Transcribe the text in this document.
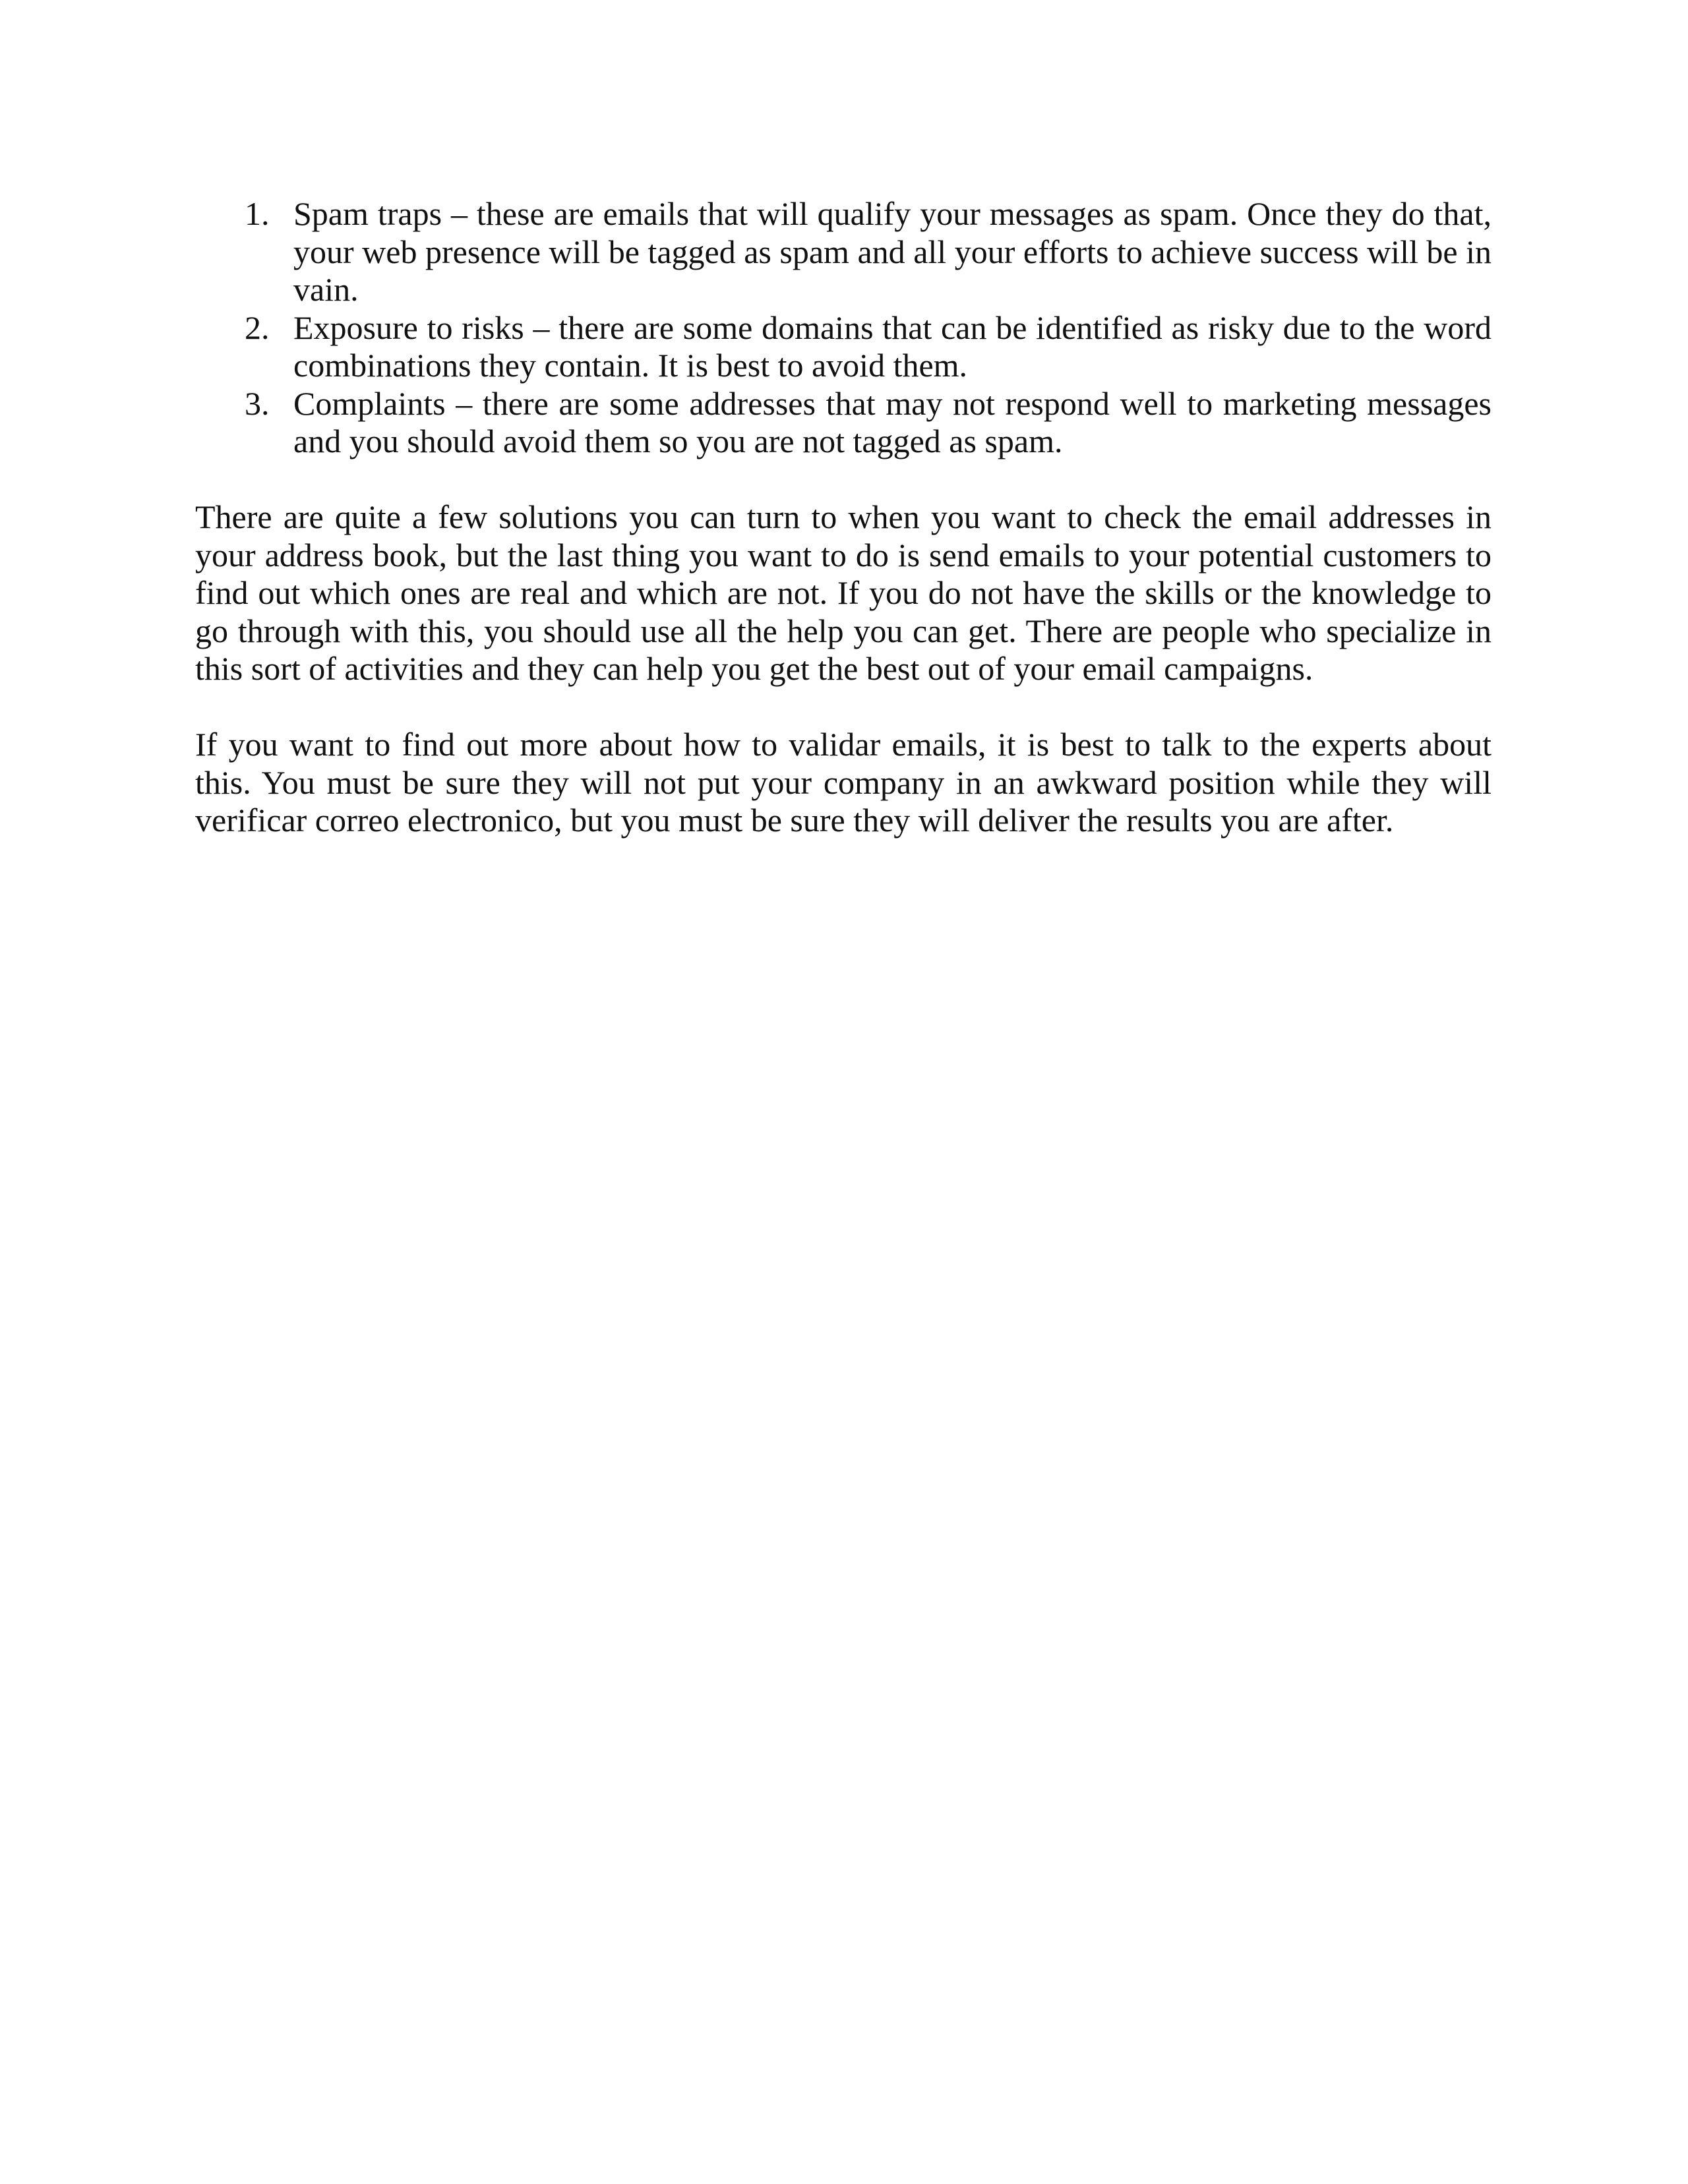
1. Spam traps – these are emails that will qualify your messages as spam. Once they do that, your web presence will be tagged as spam and all your efforts to achieve success will be in vain.
2. Exposure to risks – there are some domains that can be identified as risky due to the word combinations they contain. It is best to avoid them.
3. Complaints – there are some addresses that may not respond well to marketing messages and you should avoid them so you are not tagged as spam.

There are quite a few solutions you can turn to when you want to check the email addresses in your address book, but the last thing you want to do is send emails to your potential customers to find out which ones are real and which are not. If you do not have the skills or the knowledge to go through with this, you should use all the help you can get. There are people who specialize in this sort of activities and they can help you get the best out of your email campaigns.

If you want to find out more about how to validar emails, it is best to talk to the experts about this. You must be sure they will not put your company in an awkward position while they will verificar correo electronico, but you must be sure they will deliver the results you are after.
